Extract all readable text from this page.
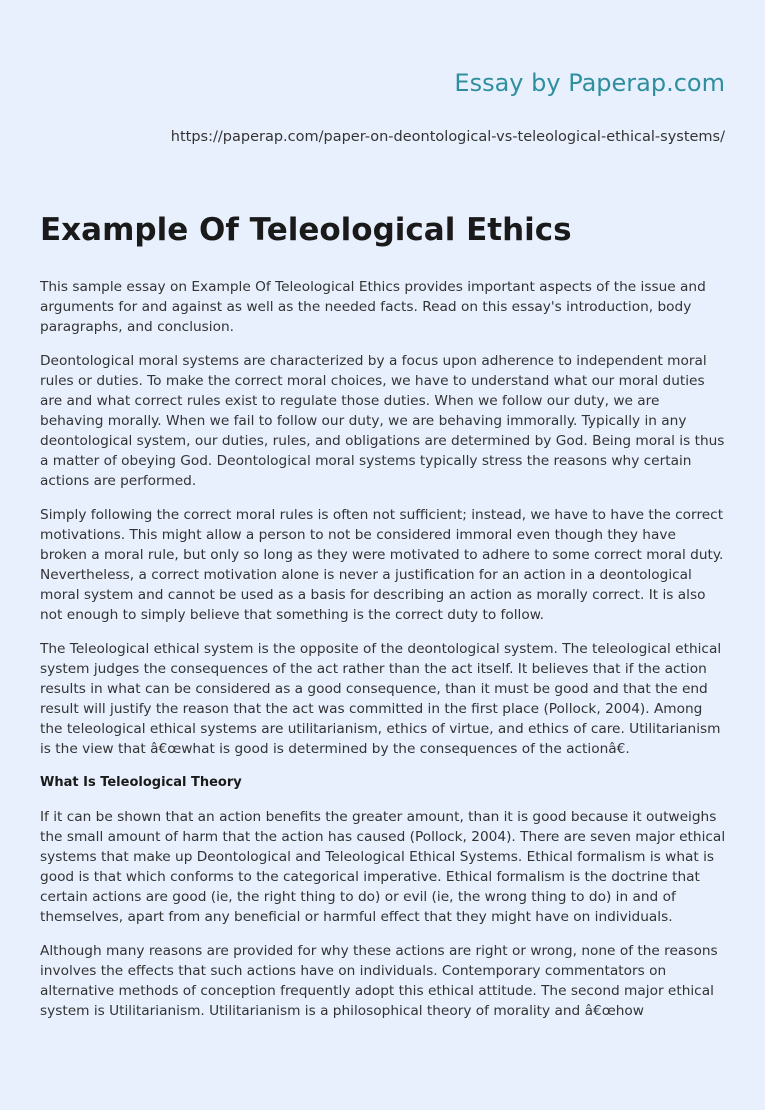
Essay by Paperap.com
https://paperap.com/paper-on-deontological-vs-teleological-ethical-systems/
Example Of Teleological Ethics

This sample essay on Example Of Teleological Ethics provides important aspects of the issue and arguments for and against as well as the needed facts. Read on this essay's introduction, body paragraphs, and conclusion.

Deontological moral systems are characterized by a focus upon adherence to independent moral rules or duties. To make the correct moral choices, we have to understand what our moral duties are and what correct rules exist to regulate those duties. When we follow our duty, we are behaving morally. When we fail to follow our duty, we are behaving immorally. Typically in any deontological system, our duties, rules, and obligations are determined by God. Being moral is thus a matter of obeying God. Deontological moral systems typically stress the reasons why certain actions are performed.

Simply following the correct moral rules is often not sufficient; instead, we have to have the correct motivations. This might allow a person to not be considered immoral even though they have broken a moral rule, but only so long as they were motivated to adhere to some correct moral duty. Nevertheless, a correct motivation alone is never a justification for an action in a deontological moral system and cannot be used as a basis for describing an action as morally correct. It is also not enough to simply believe that something is the correct duty to follow.

The Teleological ethical system is the opposite of the deontological system. The teleological ethical system judges the consequences of the act rather than the act itself. It believes that if the action results in what can be considered as a good consequence, than it must be good and that the end result will justify the reason that the act was committed in the first place (Pollock, 2004). Among the teleological ethical systems are utilitarianism, ethics of virtue, and ethics of care. Utilitarianism is the view that â€œwhat is good is determined by the consequences of the actionâ€.

What Is Teleological Theory

If it can be shown that an action benefits the greater amount, than it is good because it outweighs the small amount of harm that the action has caused (Pollock, 2004). There are seven major ethical systems that make up Deontological and Teleological Ethical Systems. Ethical formalism is what is good is that which conforms to the categorical imperative. Ethical formalism is the doctrine that certain actions are good (ie, the right thing to do) or evil (ie, the wrong thing to do) in and of themselves, apart from any beneficial or harmful effect that they might have on individuals.

Although many reasons are provided for why these actions are right or wrong, none of the reasons involves the effects that such actions have on individuals. Contemporary commentators on alternative methods of conception frequently adopt this ethical attitude. The second major ethical system is Utilitarianism. Utilitarianism is a philosophical theory of morality and â€œhow
